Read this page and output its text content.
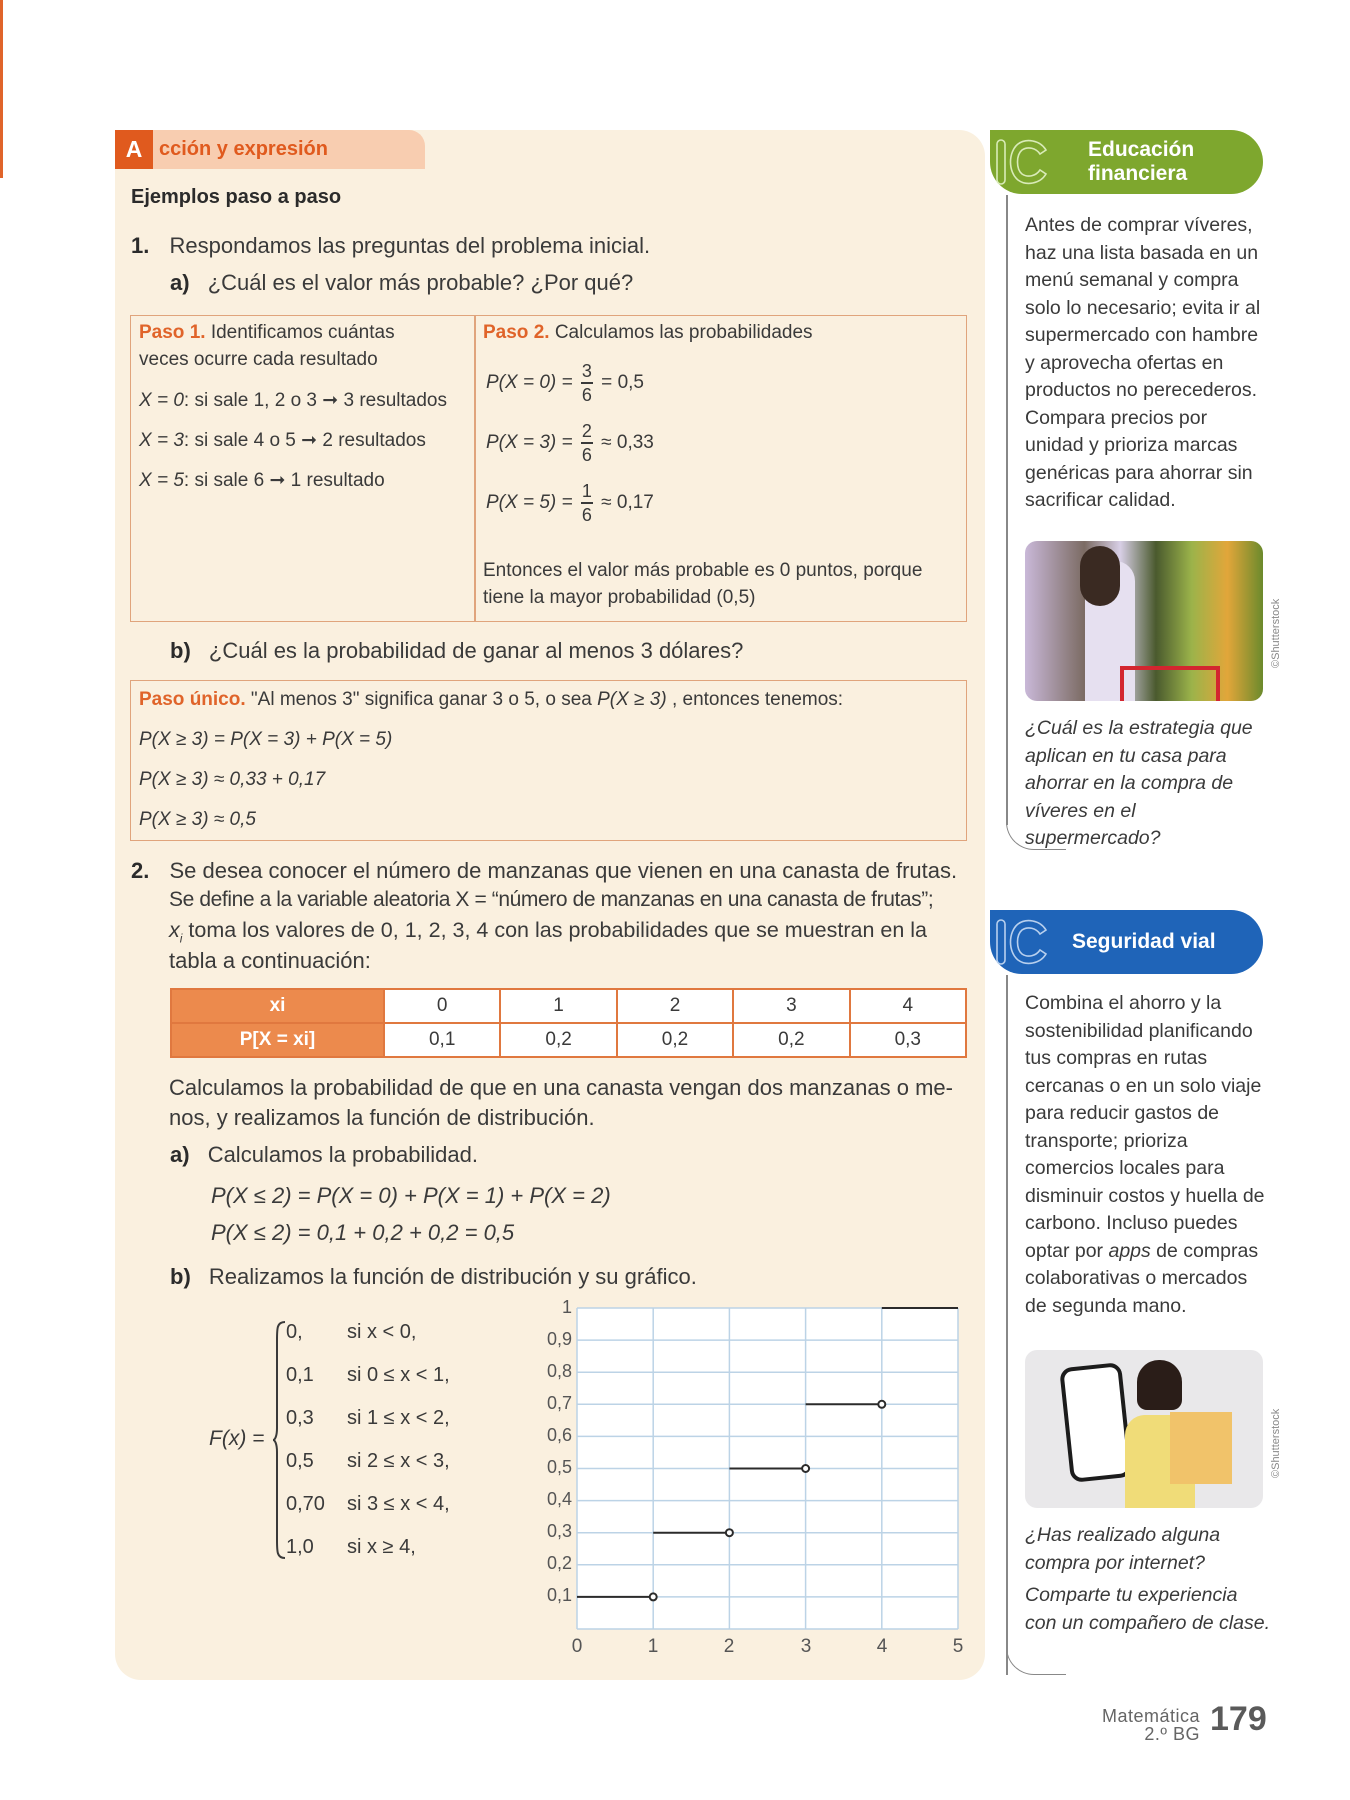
A cción y expresión
Ejemplos paso a paso
1. Respondamos las preguntas del problema inicial.
a) ¿Cuál es el valor más probable? ¿Por qué?
Paso 1. Identificamos cuántas
veces ocurre cada resultado
X = 0: si sale 1, 2 o 3 ➞ 3 resultados
X = 3: si sale 4 o 5 ➞ 2 resultados
X = 5: si sale 6 ➞ 1 resultado
Paso 2. Calculamos las probabilidades
$P(X = 0) = \frac{3}{6} = 0,5$
$P(X = 3) = \frac{2}{6} \approx 0,33$
$P(X = 5) = \frac{1}{6} \approx 0,17$
Entonces el valor más probable es 0 puntos, porque
tiene la mayor probabilidad (0,5)
b) ¿Cuál es la probabilidad de ganar al menos 3 dólares?
Paso único. "Al menos 3" significa ganar 3 o 5, o sea P(X ≥ 3) , entonces tenemos:
P(X ≥ 3) = P(X = 3) + P(X = 5)
P(X ≥ 3) ≈ 0,33 + 0,17
P(X ≥ 3) ≈ 0,5
2. Se desea conocer el número de manzanas que vienen en una canasta de frutas.
Se define a la variable aleatoria X = “número de manzanas en una canasta de frutas”;
$x_i$ toma los valores de 0, 1, 2, 3, 4 con las probabilidades que se muestran en la
tabla a continuación:
xi	0	1	2	3	4
P[X = xi]	0,1	0,2	0,2	0,2	0,3
Calculamos la probabilidad de que en una canasta vengan dos manzanas o me-
nos, y realizamos la función de distribución.
a) Calculamos la probabilidad.
P(X ≤ 2) = P(X = 0) + P(X = 1) + P(X = 2)
P(X ≤ 2) = 0,1 + 0,2 + 0,2 = 0,5
b) Realizamos la función de distribución y su gráfico.
F(x) =
0, si x < 0,
0,1 si 0 ≤ x < 1,
0,3 si 1 ≤ x < 2,
0,5 si 2 ≤ x < 3,
0,70 si 3 ≤ x < 4,
1,0 si x ≥ 4,
1
0,9
0,8
0,7
0,6
0,5
0,4
0,3
0,2
0,1
0	1	2	3	4	5
Educación
financiera
Antes de comprar víveres, haz una lista basada en un menú semanal y compra solo lo necesario; evita ir al supermercado con hambre y aprovecha ofertas en productos no perecederos. Compara precios por unidad y prioriza marcas genéricas para ahorrar sin sacrificar calidad.
©Shutterstock
¿Cuál es la estrategia que aplican en tu casa para ahorrar en la compra de víveres en el supermercado?
Seguridad vial
Combina el ahorro y la sostenibilidad planificando tus compras en rutas cercanas o en un solo viaje para reducir gastos de transporte; prioriza comercios locales para disminuir costos y huella de carbono. Incluso puedes optar por apps de compras colaborativas o mercados de segunda mano.
©Shutterstock
¿Has realizado alguna compra por internet?
Comparte tu experiencia con un compañero de clase.
Matemática
2.º BG 179
